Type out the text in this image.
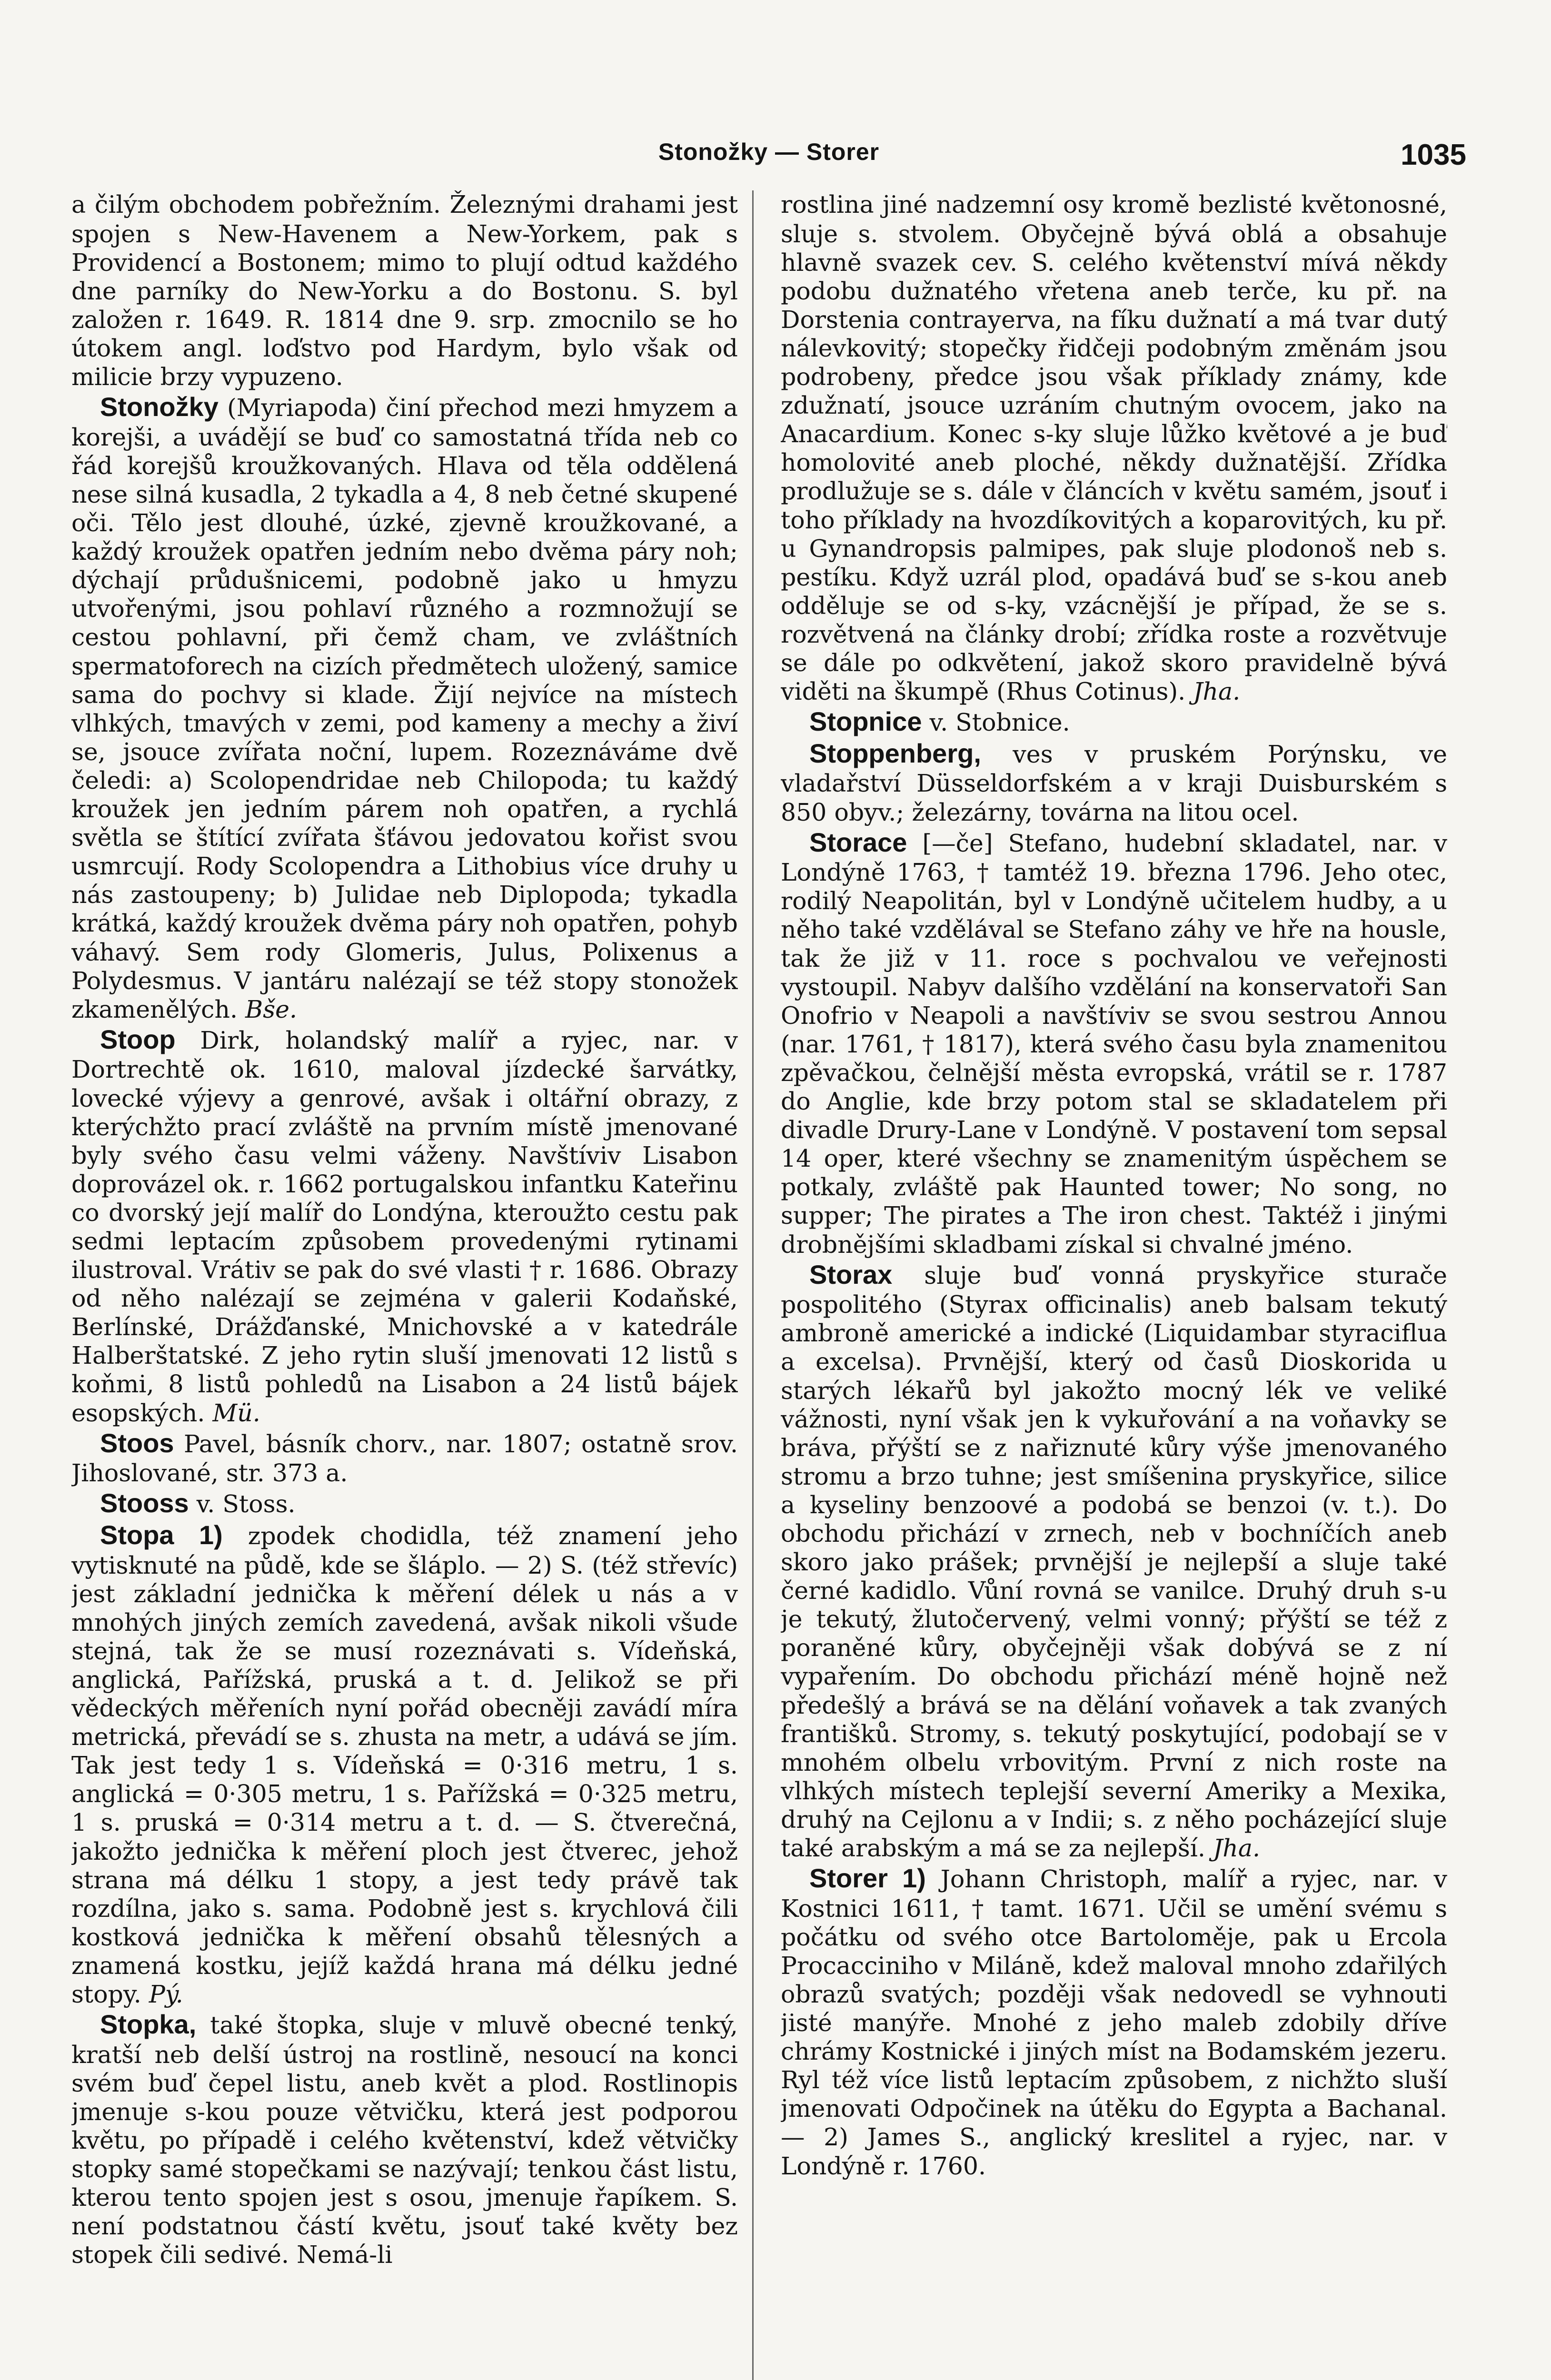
Stonožky — Storer	1035

a čilým obchodem pobřežním. Železnými drahami jest spojen s New-Havenem a New-Yorkem, pak s Providencí a Bostonem; mimo to plují odtud každého dne parníky do New-Yorku a do Bostonu. S. byl založen r. 1649. R. 1814 dne 9. srp. zmocnilo se ho útokem angl. loďstvo pod Hardym, bylo však od milicie brzy vypuzeno.

Stonožky (Myriapoda) činí přechod mezi hmyzem a korejši, a uvádějí se buď co samostatná třída neb co řád korejšů kroužkovaných. Hlava od těla oddělená nese silná kusadla, 2 tykadla a 4, 8 neb četné skupené oči. Tělo jest dlouhé, úzké, zjevně kroužkované, a každý kroužek opatřen jedním nebo dvěma páry noh; dýchají průdušnicemi, podobně jako u hmyzu utvořenými, jsou pohlaví různého a rozmnožují se cestou pohlavní, při čemž cham, ve zvláštních spermatoforech na cizích předmětech uložený, samice sama do pochvy si klade. Žijí nejvíce na místech vlhkých, tmavých v zemi, pod kameny a mechy a živí se, jsouce zvířata noční, lupem. Rozeznáváme dvě čeledi: a) Scolopendridae neb Chilopoda; tu každý kroužek jen jedním párem noh opatřen, a rychlá světla se štítící zvířata šťávou jedovatou kořist svou usmrcují. Rody Scolopendra a Lithobius více druhy u nás zastoupeny; b) Julidae neb Diplopoda; tykadla krátká, každý kroužek dvěma páry noh opatřen, pohyb váhavý. Sem rody Glomeris, Julus, Polixenus a Polydesmus. V jantáru nalézají se též stopy stonožek zkamenělých. Bše.

Stoop Dirk, holandský malíř a ryjec, nar. v Dortrechtě ok. 1610, maloval jízdecké šarvátky, lovecké výjevy a genrové, avšak i oltářní obrazy, z kterýchžto prací zvláště na prvním místě jmenované byly svého času velmi váženy. Navštíviv Lisabon doprovázel ok. r. 1662 portugalskou infantku Kateřinu co dvorský její malíř do Londýna, kteroužto cestu pak sedmi leptacím způsobem provedenými rytinami ilustroval. Vrátiv se pak do své vlasti † r. 1686. Obrazy od něho nalézají se zejména v galerii Kodaňské, Berlínské, Drážďanské, Mnichovské a v katedrále Halberštatské. Z jeho rytin sluší jmenovati 12 listů s koňmi, 8 listů pohledů na Lisabon a 24 listů bájek esopských. Mü.

Stoos Pavel, básník chorv., nar. 1807; ostatně srov. Jihoslované, str. 373 a.

Stooss v. Stoss.

Stopa 1) zpodek chodidla, též znamení jeho vytisknuté na půdě, kde se šláplo. — 2) S. (též střevíc) jest základní jednička k měření délek u nás a v mnohých jiných zemích zavedená, avšak nikoli všude stejná, tak že se musí rozeznávati s. Vídeňská, anglická, Pařížská, pruská a t. d. Jelikož se při vědeckých měřeních nyní pořád obecněji zavádí míra metrická, převádí se s. zhusta na metr, a udává se jím. Tak jest tedy 1 s. Vídeňská = 0·316 metru, 1 s. anglická = 0·305 metru, 1 s. Pařížská = 0·325 metru, 1 s. pruská = 0·314 metru a t. d. — S. čtverečná, jakožto jednička k měření ploch jest čtverec, jehož strana má délku 1 stopy, a jest tedy právě tak rozdílna, jako s. sama. Podobně jest s. krychlová čili kostková jednička k měření obsahů tělesných a znamená kostku, jejíž každá hrana má délku jedné stopy. Pý.

Stopka, také štopka, sluje v mluvě obecné tenký, kratší neb delší ústroj na rostlině, nesoucí na konci svém buď čepel listu, aneb květ a plod. Rostlinopis jmenuje s-kou pouze větvičku, která jest podporou květu, po případě i celého květenství, kdež větvičky stopky samé stopečkami se nazývají; tenkou část listu, kterou tento spojen jest s osou, jmenuje řapíkem. S. není podstatnou částí květu, jsouť také květy bez stopek čili sedivé. Nemá-li

rostlina jiné nadzemní osy kromě bezlisté květonosné, sluje s. stvolem. Obyčejně bývá oblá a obsahuje hlavně svazek cev. S. celého květenství mívá někdy podobu dužnatého vřetena aneb terče, ku př. na Dorstenia contrayerva, na fíku dužnatí a má tvar dutý nálevkovitý; stopečky řidčeji podobným změnám jsou podrobeny, předce jsou však příklady známy, kde zdužnatí, jsouce uzráním chutným ovocem, jako na Anacardium. Konec s-ky sluje lůžko květové a je buď homolovité aneb ploché, někdy dužnatější. Zřídka prodlužuje se s. dále v článcích v květu samém, jsouť i toho příklady na hvozdíkovitých a koparovitých, ku př. u Gynandropsis palmipes, pak sluje plodonoš neb s. pestíku. Když uzrál plod, opadává buď se s-kou aneb odděluje se od s-ky, vzácnější je případ, že se s. rozvětvená na články drobí; zřídka roste a rozvětvuje se dále po odkvětení, jakož skoro pravidelně bývá viděti na škumpě (Rhus Cotinus). Jha.

Stopnice v. Stobnice.

Stoppenberg, ves v pruském Porýnsku, ve vladařství Düsseldorfském a v kraji Duisburském s 850 obyv.; železárny, továrna na litou ocel.

Storace [—če] Stefano, hudební skladatel, nar. v Londýně 1763, † tamtéž 19. března 1796. Jeho otec, rodilý Neapolitán, byl v Londýně učitelem hudby, a u něho také vzdělával se Stefano záhy ve hře na housle, tak že již v 11. roce s pochvalou ve veřejnosti vystoupil. Nabyv dalšího vzdělání na konservatoři San Onofrio v Neapoli a navštíviv se svou sestrou Annou (nar. 1761, † 1817), která svého času byla znamenitou zpěvačkou, čelnější města evropská, vrátil se r. 1787 do Anglie, kde brzy potom stal se skladatelem při divadle Drury-Lane v Londýně. V postavení tom sepsal 14 oper, které všechny se znamenitým úspěchem se potkaly, zvláště pak Haunted tower; No song, no supper; The pirates a The iron chest. Taktéž i jinými drobnějšími skladbami získal si chvalné jméno.

Storax sluje buď vonná pryskyřice sturače pospolitého (Styrax officinalis) aneb balsam tekutý ambroně americké a indické (Liquidambar styraciflua a excelsa). Prvnější, který od časů Dioskorida u starých lékařů byl jakožto mocný lék ve veliké vážnosti, nyní však jen k vykuřování a na voňavky se bráva, přýští se z nařiznuté kůry výše jmenovaného stromu a brzo tuhne; jest smíšenina pryskyřice, silice a kyseliny benzoové a podobá se benzoi (v. t.). Do obchodu přichází v zrnech, neb v bochníčích aneb skoro jako prášek; prvnější je nejlepší a sluje také černé kadidlo. Vůní rovná se vanilce. Druhý druh s-u je tekutý, žlutočervený, velmi vonný; přýští se též z poraněné kůry, obyčejněji však dobývá se z ní vypařením. Do obchodu přichází méně hojně než předešlý a brává se na dělání voňavek a tak zvaných františků. Stromy, s. tekutý poskytující, podobají se v mnohém olbelu vrbovitým. První z nich roste na vlhkých místech teplejší severní Ameriky a Mexika, druhý na Cejlonu a v Indii; s. z něho pocházející sluje také arabským a má se za nejlepší. Jha.

Storer 1) Johann Christoph, malíř a ryjec, nar. v Kostnici 1611, † tamt. 1671. Učil se umění svému s počátku od svého otce Bartoloměje, pak u Ercola Procacciniho v Miláně, kdež maloval mnoho zdařilých obrazů svatých; později však nedovedl se vyhnouti jisté manýře. Mnohé z jeho maleb zdobily dříve chrámy Kostnické i jiných míst na Bodamském jezeru. Ryl též více listů leptacím způsobem, z nichžto sluší jmenovati Odpočinek na útěku do Egypta a Bachanal. — 2) James S., anglický kreslitel a ryjec, nar. v Londýně r. 1760.
